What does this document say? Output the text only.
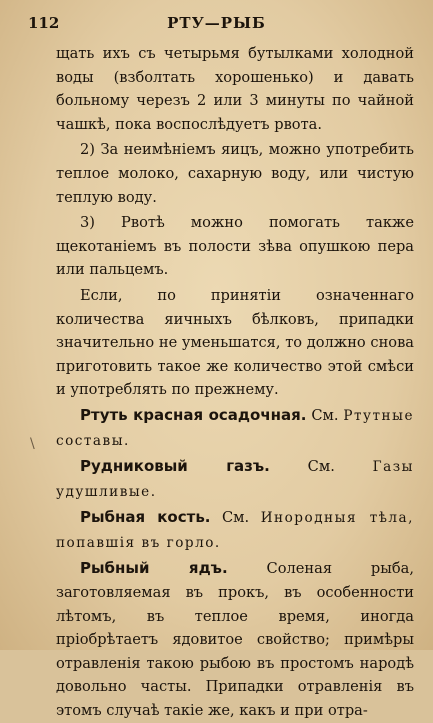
112	РТУ—РЫБ

щать ихъ съ четырьмя бутылками холодной воды (взболтать хорошенько) и давать больному черезъ 2 или 3 минуты по чайной чашкѣ, пока воспослѣдуетъ рвота.

2) За неимѣніемъ яицъ, можно употребить теплое молоко, сахарную воду, или чистую теплую воду.

3) Рвотѣ можно помогать также щекотаніемъ въ полости зѣва опушкою пера или пальцемъ.

Если, по принятіи означеннаго количества яичныхъ бѣлковъ, припадки значительно не уменьшатся, то должно снова приготовить такое же количество этой смѣси и употреблять по прежнему.

Ртуть красная осадочная. См. Ртутные составы.

Рудниковый газъ.	См.	Газы удушливые.

Рыбная кость. См. Инородныя тѣла, попавшія въ горло.

Рыбный ядъ.	Соленая рыба, заготовляемая въ прокъ, въ особенности лѣтомъ, въ теплое время, иногда пріобрѣтаетъ ядовитое свойство; примѣры отравленія такою рыбою въ простомъ народѣ довольно часты. Припадки отравленія въ этомъ случаѣ такіе же, какъ и при отра-

\
